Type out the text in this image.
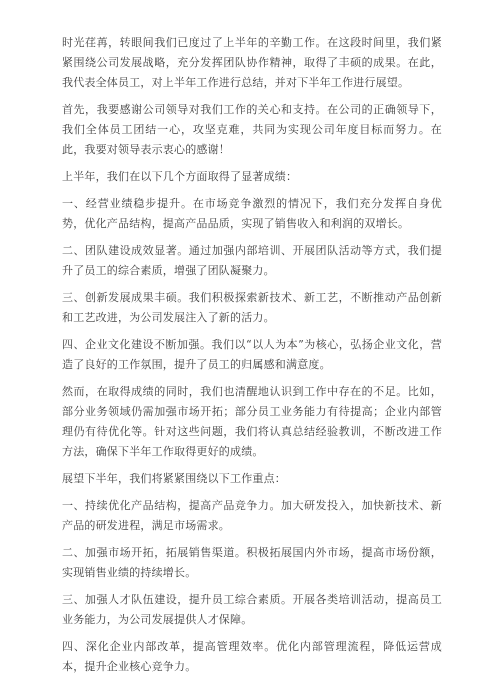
时光荏苒，转眼间我们已度过了上半年的辛勤工作。在这段时间里，我们紧紧围绕公司发展战略，充分发挥团队协作精神，取得了丰硕的成果。在此，我代表全体员工，对上半年工作进行总结，并对下半年工作进行展望。

首先，我要感谢公司领导对我们工作的关心和支持。在公司的正确领导下，我们全体员工团结一心，攻坚克难，共同为实现公司年度目标而努力。在此，我要对领导表示衷心的感谢！

上半年，我们在以下几个方面取得了显著成绩：

一、经营业绩稳步提升。在市场竞争激烈的情况下，我们充分发挥自身优势，优化产品结构，提高产品品质，实现了销售收入和利润的双增长。

二、团队建设成效显著。通过加强内部培训、开展团队活动等方式，我们提升了员工的综合素质，增强了团队凝聚力。

三、创新发展成果丰硕。我们积极探索新技术、新工艺，不断推动产品创新和工艺改进，为公司发展注入了新的活力。

四、企业文化建设不断加强。我们以“以人为本”为核心，弘扬企业文化，营造了良好的工作氛围，提升了员工的归属感和满意度。

然而，在取得成绩的同时，我们也清醒地认识到工作中存在的不足。比如，部分业务领域仍需加强市场开拓；部分员工业务能力有待提高；企业内部管理仍有待优化等。针对这些问题，我们将认真总结经验教训，不断改进工作方法，确保下半年工作取得更好的成绩。

展望下半年，我们将紧紧围绕以下工作重点：

一、持续优化产品结构，提高产品竞争力。加大研发投入，加快新技术、新产品的研发进程，满足市场需求。

二、加强市场开拓，拓展销售渠道。积极拓展国内外市场，提高市场份额，实现销售业绩的持续增长。

三、加强人才队伍建设，提升员工综合素质。开展各类培训活动，提高员工业务能力，为公司发展提供人才保障。

四、深化企业内部改革，提高管理效率。优化内部管理流程，降低运营成本，提升企业核心竞争力。
